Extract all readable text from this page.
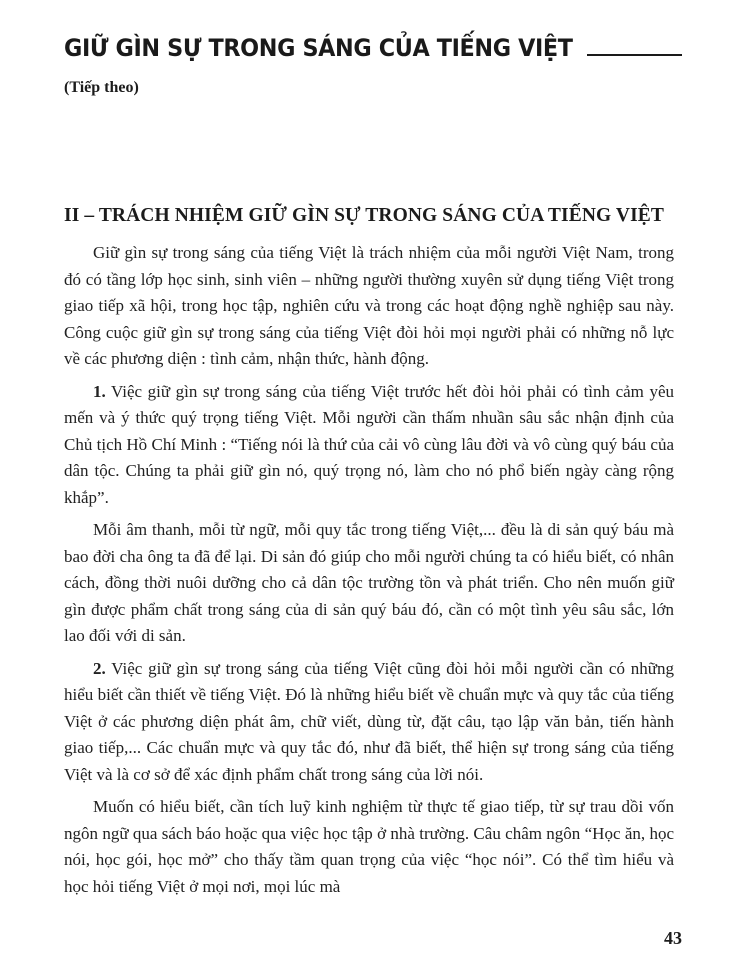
GIỮ GÌN SỰ TRONG SÁNG CỦA TIẾNG VIỆT
(Tiếp theo)
II – TRÁCH NHIỆM GIỮ GÌN SỰ TRONG SÁNG CỦA TIẾNG VIỆT

Giữ gìn sự trong sáng của tiếng Việt là trách nhiệm của mỗi người Việt Nam, trong đó có tầng lớp học sinh, sinh viên – những người thường xuyên sử dụng tiếng Việt trong giao tiếp xã hội, trong học tập, nghiên cứu và trong các hoạt động nghề nghiệp sau này. Công cuộc giữ gìn sự trong sáng của tiếng Việt đòi hỏi mọi người phải có những nỗ lực về các phương diện : tình cảm, nhận thức, hành động.

1. Việc giữ gìn sự trong sáng của tiếng Việt trước hết đòi hỏi phải có tình cảm yêu mến và ý thức quý trọng tiếng Việt. Mỗi người cần thấm nhuần sâu sắc nhận định của Chủ tịch Hồ Chí Minh : “Tiếng nói là thứ của cải vô cùng lâu đời và vô cùng quý báu của dân tộc. Chúng ta phải giữ gìn nó, quý trọng nó, làm cho nó phổ biến ngày càng rộng khắp”.

Mỗi âm thanh, mỗi từ ngữ, mỗi quy tắc trong tiếng Việt,... đều là di sản quý báu mà bao đời cha ông ta đã để lại. Di sản đó giúp cho mỗi người chúng ta có hiểu biết, có nhân cách, đồng thời nuôi dưỡng cho cả dân tộc trường tồn và phát triển. Cho nên muốn giữ gìn được phẩm chất trong sáng của di sản quý báu đó, cần có một tình yêu sâu sắc, lớn lao đối với di sản.

2. Việc giữ gìn sự trong sáng của tiếng Việt cũng đòi hỏi mỗi người cần có những hiểu biết cần thiết về tiếng Việt. Đó là những hiểu biết về chuẩn mực và quy tắc của tiếng Việt ở các phương diện phát âm, chữ viết, dùng từ, đặt câu, tạo lập văn bản, tiến hành giao tiếp,... Các chuẩn mực và quy tắc đó, như đã biết, thể hiện sự trong sáng của tiếng Việt và là cơ sở để xác định phẩm chất trong sáng của lời nói.

Muốn có hiểu biết, cần tích luỹ kinh nghiệm từ thực tế giao tiếp, từ sự trau dồi vốn ngôn ngữ qua sách báo hoặc qua việc học tập ở nhà trường. Câu châm ngôn “Học ăn, học nói, học gói, học mở” cho thấy tầm quan trọng của việc “học nói”. Có thể tìm hiểu và học hỏi tiếng Việt ở mọi nơi, mọi lúc mà

43
